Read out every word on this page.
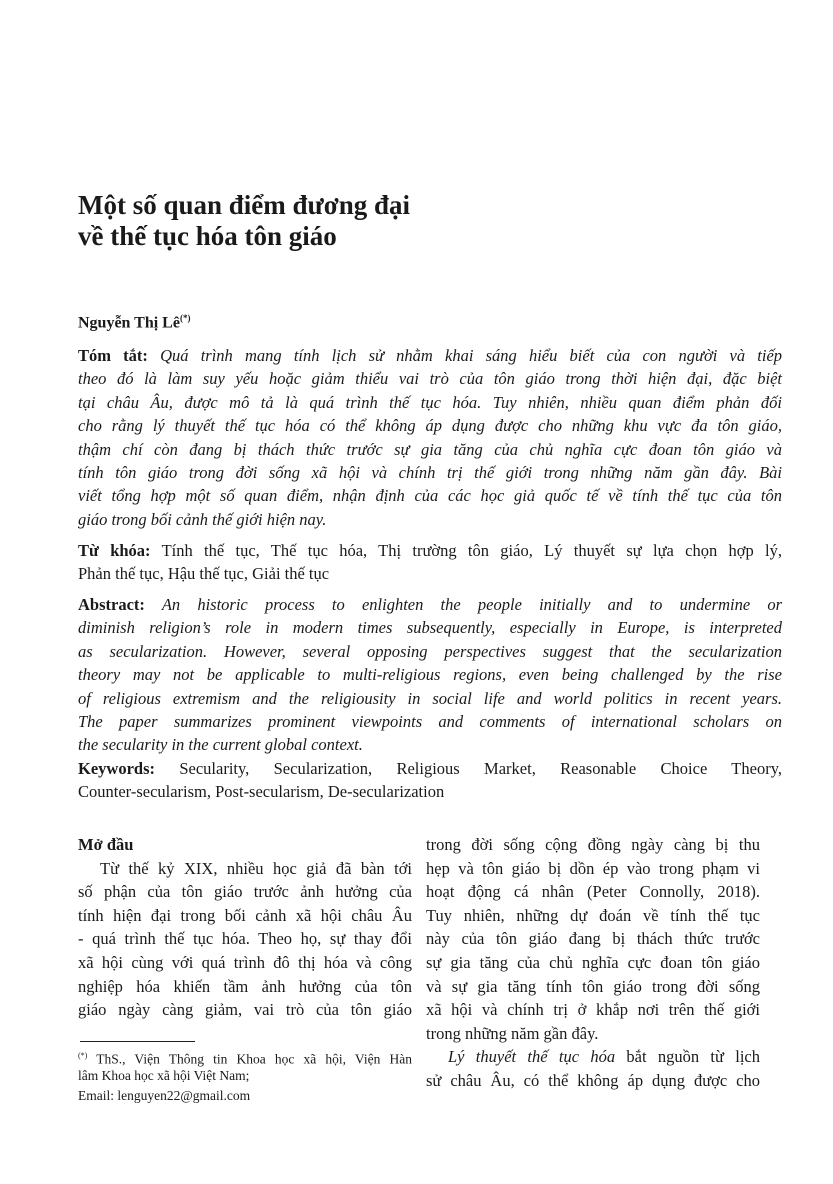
Một số quan điểm đương đại
về thế tục hóa tôn giáo
Nguyễn Thị Lê(*)
Tóm tắt: Quá trình mang tính lịch sử nhằm khai sáng hiểu biết của con người và tiếp
theo đó là làm suy yếu hoặc giảm thiểu vai trò của tôn giáo trong thời hiện đại, đặc biệt
tại châu Âu, được mô tả là quá trình thế tục hóa. Tuy nhiên, nhiều quan điểm phản đối
cho rằng lý thuyết thế tục hóa có thể không áp dụng được cho những khu vực đa tôn giáo,
thậm chí còn đang bị thách thức trước sự gia tăng của chủ nghĩa cực đoan tôn giáo và
tính tôn giáo trong đời sống xã hội và chính trị thế giới trong những năm gần đây. Bài
viết tổng hợp một số quan điểm, nhận định của các học giả quốc tế về tính thế tục của tôn
giáo trong bối cảnh thế giới hiện nay.
Từ khóa: Tính thế tục, Thế tục hóa, Thị trường tôn giáo, Lý thuyết sự lựa chọn hợp lý,
Phản thế tục, Hậu thế tục, Giải thế tục
Abstract: An historic process to enlighten the people initially and to undermine or
diminish religion’s role in modern times subsequently, especially in Europe, is interpreted
as secularization. However, several opposing perspectives suggest that the secularization
theory may not be applicable to multi-religious regions, even being challenged by the rise
of religious extremism and the religiousity in social life and world politics in recent years.
The paper summarizes prominent viewpoints and comments of international scholars on
the secularity in the current global context.
Keywords: Secularity, Secularization, Religious Market, Reasonable Choice Theory,
Counter-secularism, Post-secularism, De-secularization
Mở đầu
Từ thế kỷ XIX, nhiều học giả đã bàn tới
số phận của tôn giáo trước ảnh hưởng của
tính hiện đại trong bối cảnh xã hội châu Âu
- quá trình thế tục hóa. Theo họ, sự thay đổi
xã hội cùng với quá trình đô thị hóa và công
nghiệp hóa khiến tầm ảnh hưởng của tôn
giáo ngày càng giảm, vai trò của tôn giáo
trong đời sống cộng đồng ngày càng bị thu
hẹp và tôn giáo bị dồn ép vào trong phạm vi
hoạt động cá nhân (Peter Connolly, 2018).
Tuy nhiên, những dự đoán về tính thế tục
này của tôn giáo đang bị thách thức trước
sự gia tăng của chủ nghĩa cực đoan tôn giáo
và sự gia tăng tính tôn giáo trong đời sống
xã hội và chính trị ở khắp nơi trên thế giới
trong những năm gần đây.
Lý thuyết thế tục hóa bắt nguồn từ lịch
sử châu Âu, có thể không áp dụng được cho
(*) ThS., Viện Thông tin Khoa học xã hội, Viện Hàn
lâm Khoa học xã hội Việt Nam;
Email: lenguyen22@gmail.com
